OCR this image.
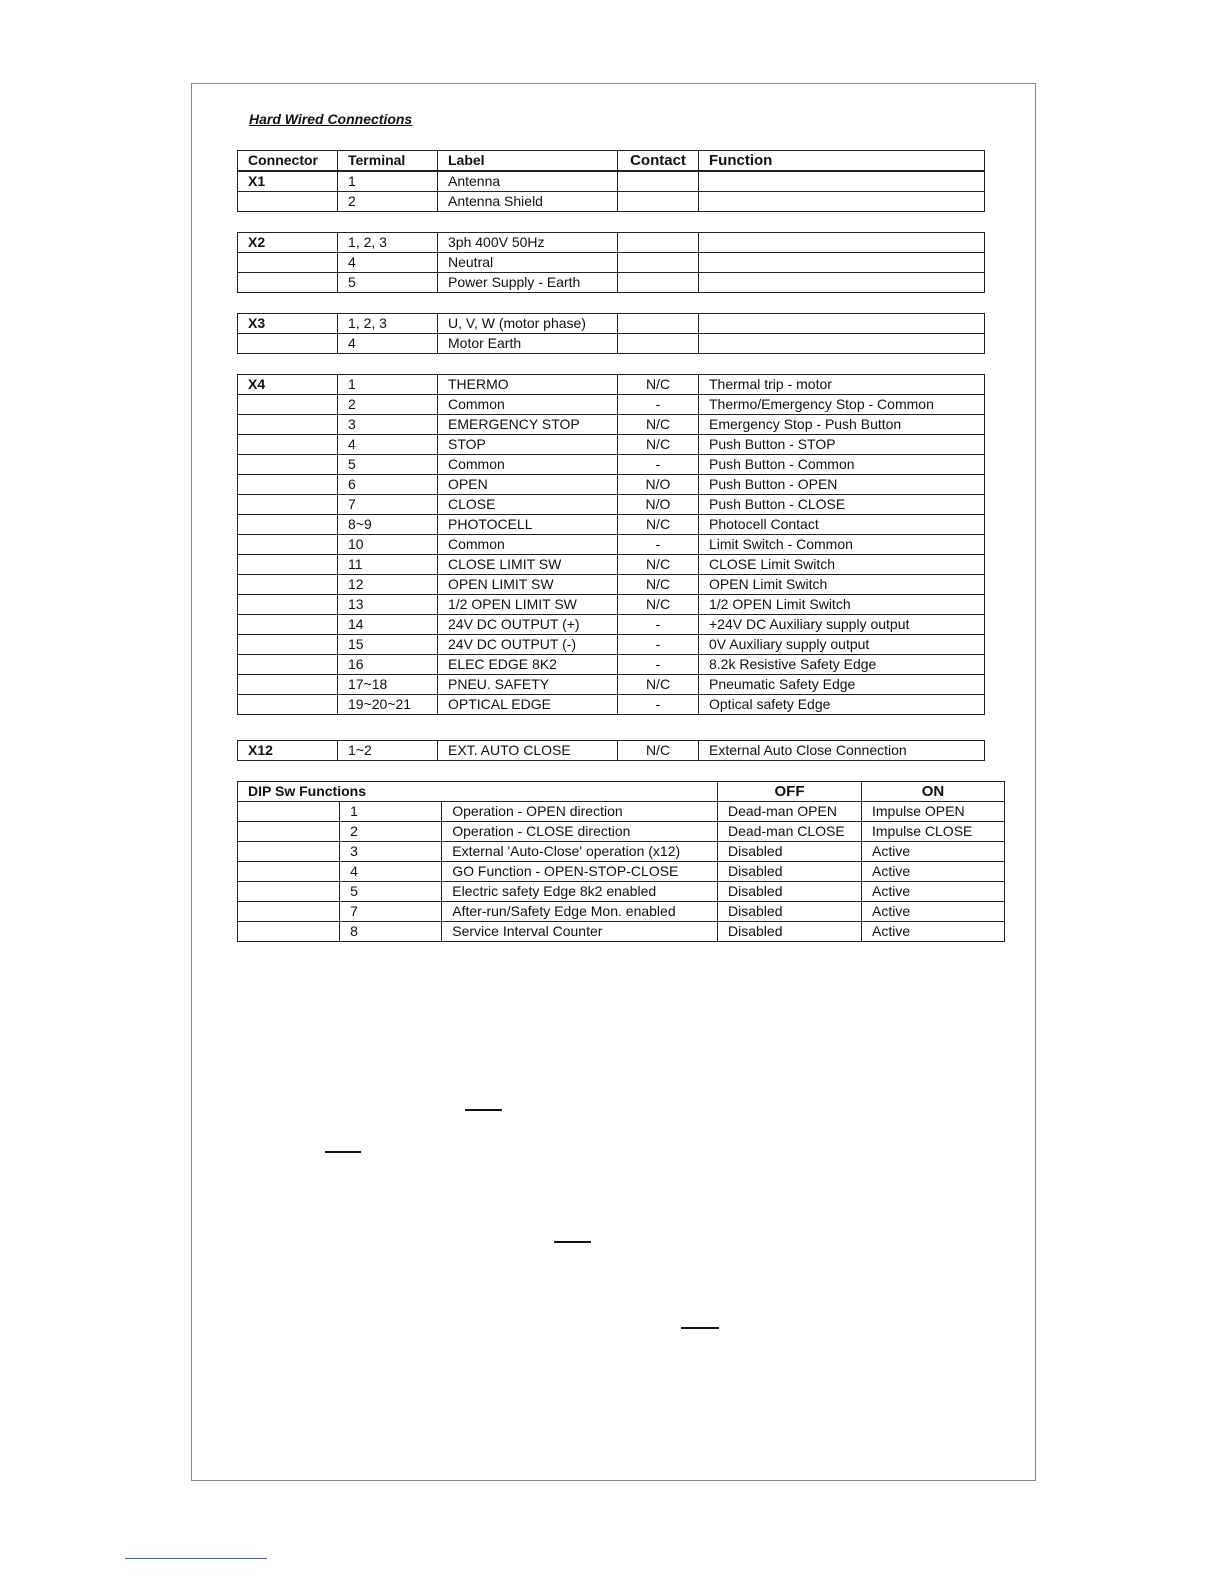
Hard Wired Connections
Connector	Terminal	Label	Contact	Function
X1	1	Antenna		
	2	Antenna Shield		
X2	1, 2, 3	3ph 400V 50Hz		
	4	Neutral		
	5	Power Supply - Earth		
X3	1, 2, 3	U, V, W (motor phase)		
	4	Motor Earth		
X4	1	THERMO	N/C	Thermal trip - motor
	2	Common	-	Thermo/Emergency Stop - Common
	3	EMERGENCY STOP	N/C	Emergency Stop - Push Button
	4	STOP	N/C	Push Button - STOP
	5	Common	-	Push Button - Common
	6	OPEN	N/O	Push Button - OPEN
	7	CLOSE	N/O	Push Button - CLOSE
	8~9	PHOTOCELL	N/C	Photocell Contact
	10	Common	-	Limit Switch - Common
	11	CLOSE LIMIT SW	N/C	CLOSE Limit Switch
	12	OPEN LIMIT SW	N/C	OPEN Limit Switch
	13	1/2 OPEN LIMIT SW	N/C	1/2 OPEN Limit Switch
	14	24V DC OUTPUT (+)	-	+24V DC Auxiliary supply output
	15	24V DC OUTPUT (-)	-	0V Auxiliary supply output
	16	ELEC EDGE 8K2	-	8.2k Resistive Safety Edge
	17~18	PNEU. SAFETY	N/C	Pneumatic Safety Edge
	19~20~21	OPTICAL EDGE	-	Optical safety Edge
X12	1~2	EXT. AUTO CLOSE	N/C	External Auto Close Connection
DIP Sw Functions			OFF	ON
	1	Operation - OPEN direction	Dead-man OPEN	Impulse OPEN
	2	Operation - CLOSE direction	Dead-man CLOSE	Impulse CLOSE
	3	External 'Auto-Close' operation (x12)	Disabled	Active
	4	GO Function - OPEN-STOP-CLOSE	Disabled	Active
	5	Electric safety Edge 8k2 enabled	Disabled	Active
	7	After-run/Safety Edge Mon. enabled	Disabled	Active
	8	Service Interval Counter	Disabled	Active
